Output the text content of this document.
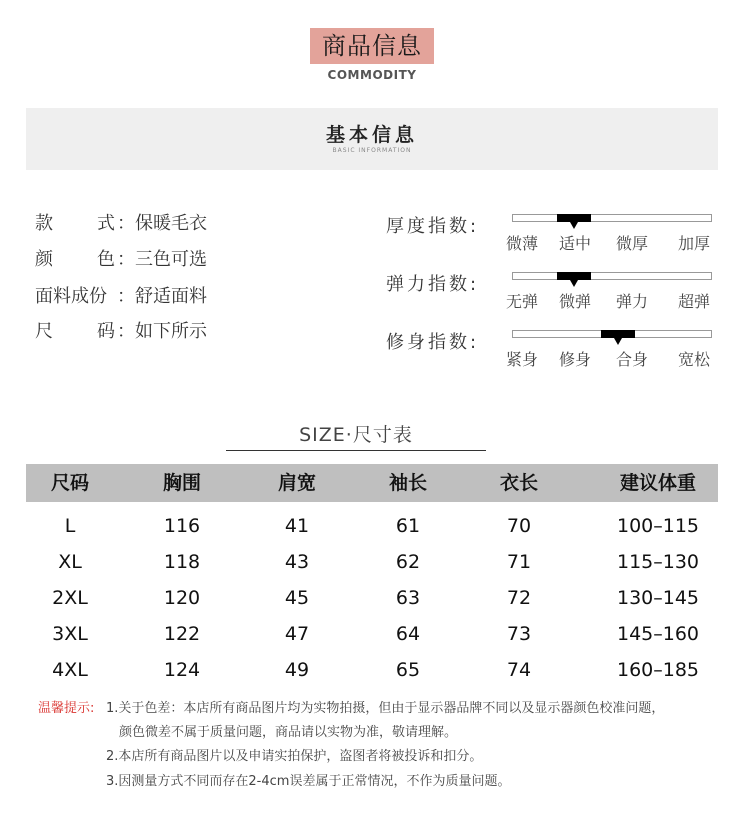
商品信息
COMMODITY
基本信息
BASIC INFORMATION
款式 ： 保暖毛衣
颜色 ： 三色可选
面料成份 ： 舒适面料
尺码 ： 如下所示
厚度指数:
微薄 适中 微厚 加厚
弹力指数:
无弹 微弹 弹力 超弹
修身指数:
紧身 修身 合身 宽松
SIZE·尺寸表
尺码	胸围	肩宽	袖长	衣长	建议体重
L	116	41	61	70	100–115
XL	118	43	62	71	115–130
2XL	120	45	63	72	130–145
3XL	122	47	64	73	145–160
4XL	124	49	65	74	160–185
温馨提示: 1.关于色差：本店所有商品图片均为实物拍摄，但由于显示器品牌不同以及显示器颜色校准问题，
颜色微差不属于质量问题，商品请以实物为准，敬请理解。
2.本店所有商品图片以及申请实拍保护，盗图者将被投诉和扣分。
3.因测量方式不同而存在2-4cm误差属于正常情况，不作为质量问题。
